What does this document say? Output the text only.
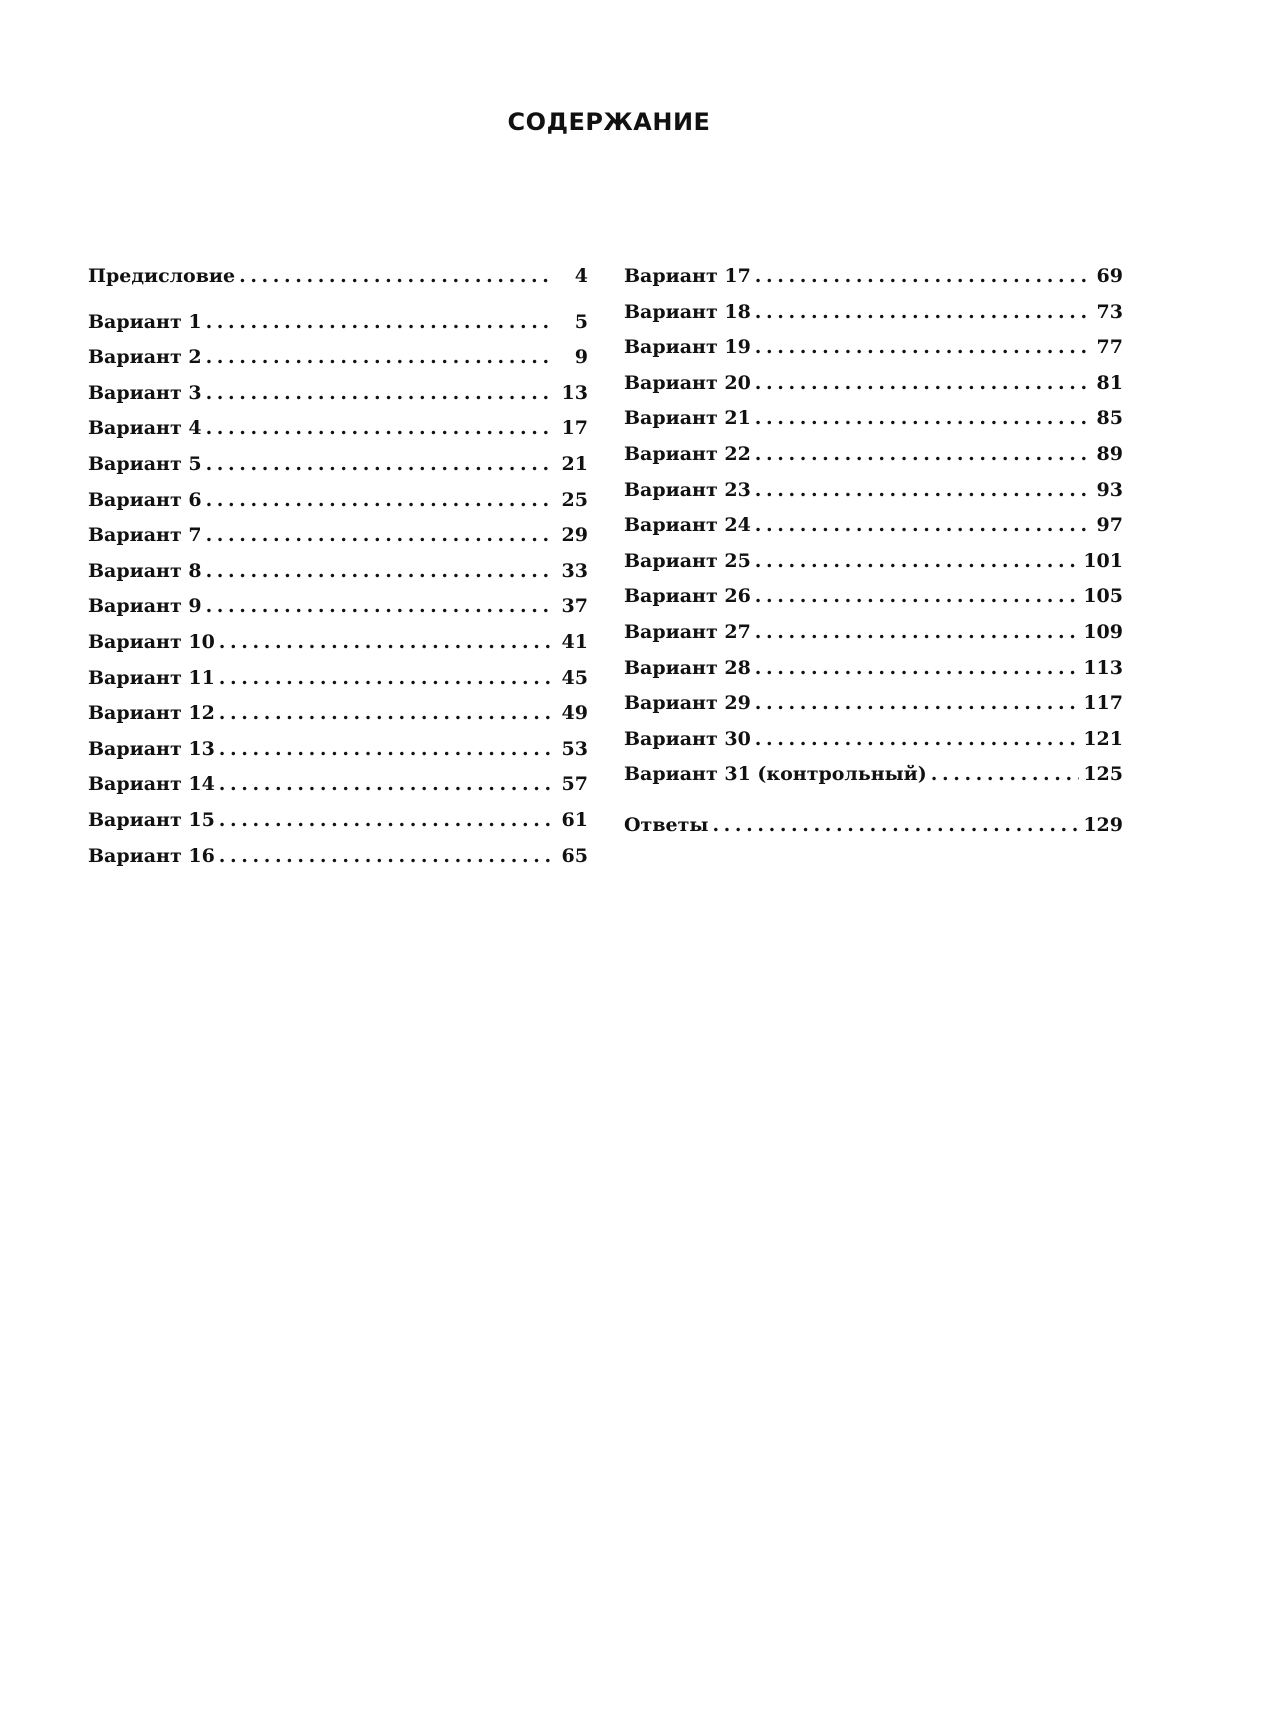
СОДЕРЖАНИЕ
Предисловие . . .	4
Вариант 1 . . .	5
Вариант 2 . . .	9
Вариант 3 . . .	13
Вариант 4 . . .	17
Вариант 5 . . .	21
Вариант 6 . . .	25
Вариант 7 . . .	29
Вариант 8 . . .	33
Вариант 9 . . .	37
Вариант 10 . . .	41
Вариант 11 . . .	45
Вариант 12 . . .	49
Вариант 13 . . .	53
Вариант 14 . . .	57
Вариант 15 . . .	61
Вариант 16 . . .	65
Вариант 17 . . .	69
Вариант 18 . . .	73
Вариант 19 . . .	77
Вариант 20 . . .	81
Вариант 21 . . .	85
Вариант 22 . . .	89
Вариант 23 . . .	93
Вариант 24 . . .	97
Вариант 25 . . .	101
Вариант 26 . . .	105
Вариант 27 . . .	109
Вариант 28 . . .	113
Вариант 29 . . .	117
Вариант 30 . . .	121
Вариант 31 (контрольный) . . .	125
Ответы . . .	129
